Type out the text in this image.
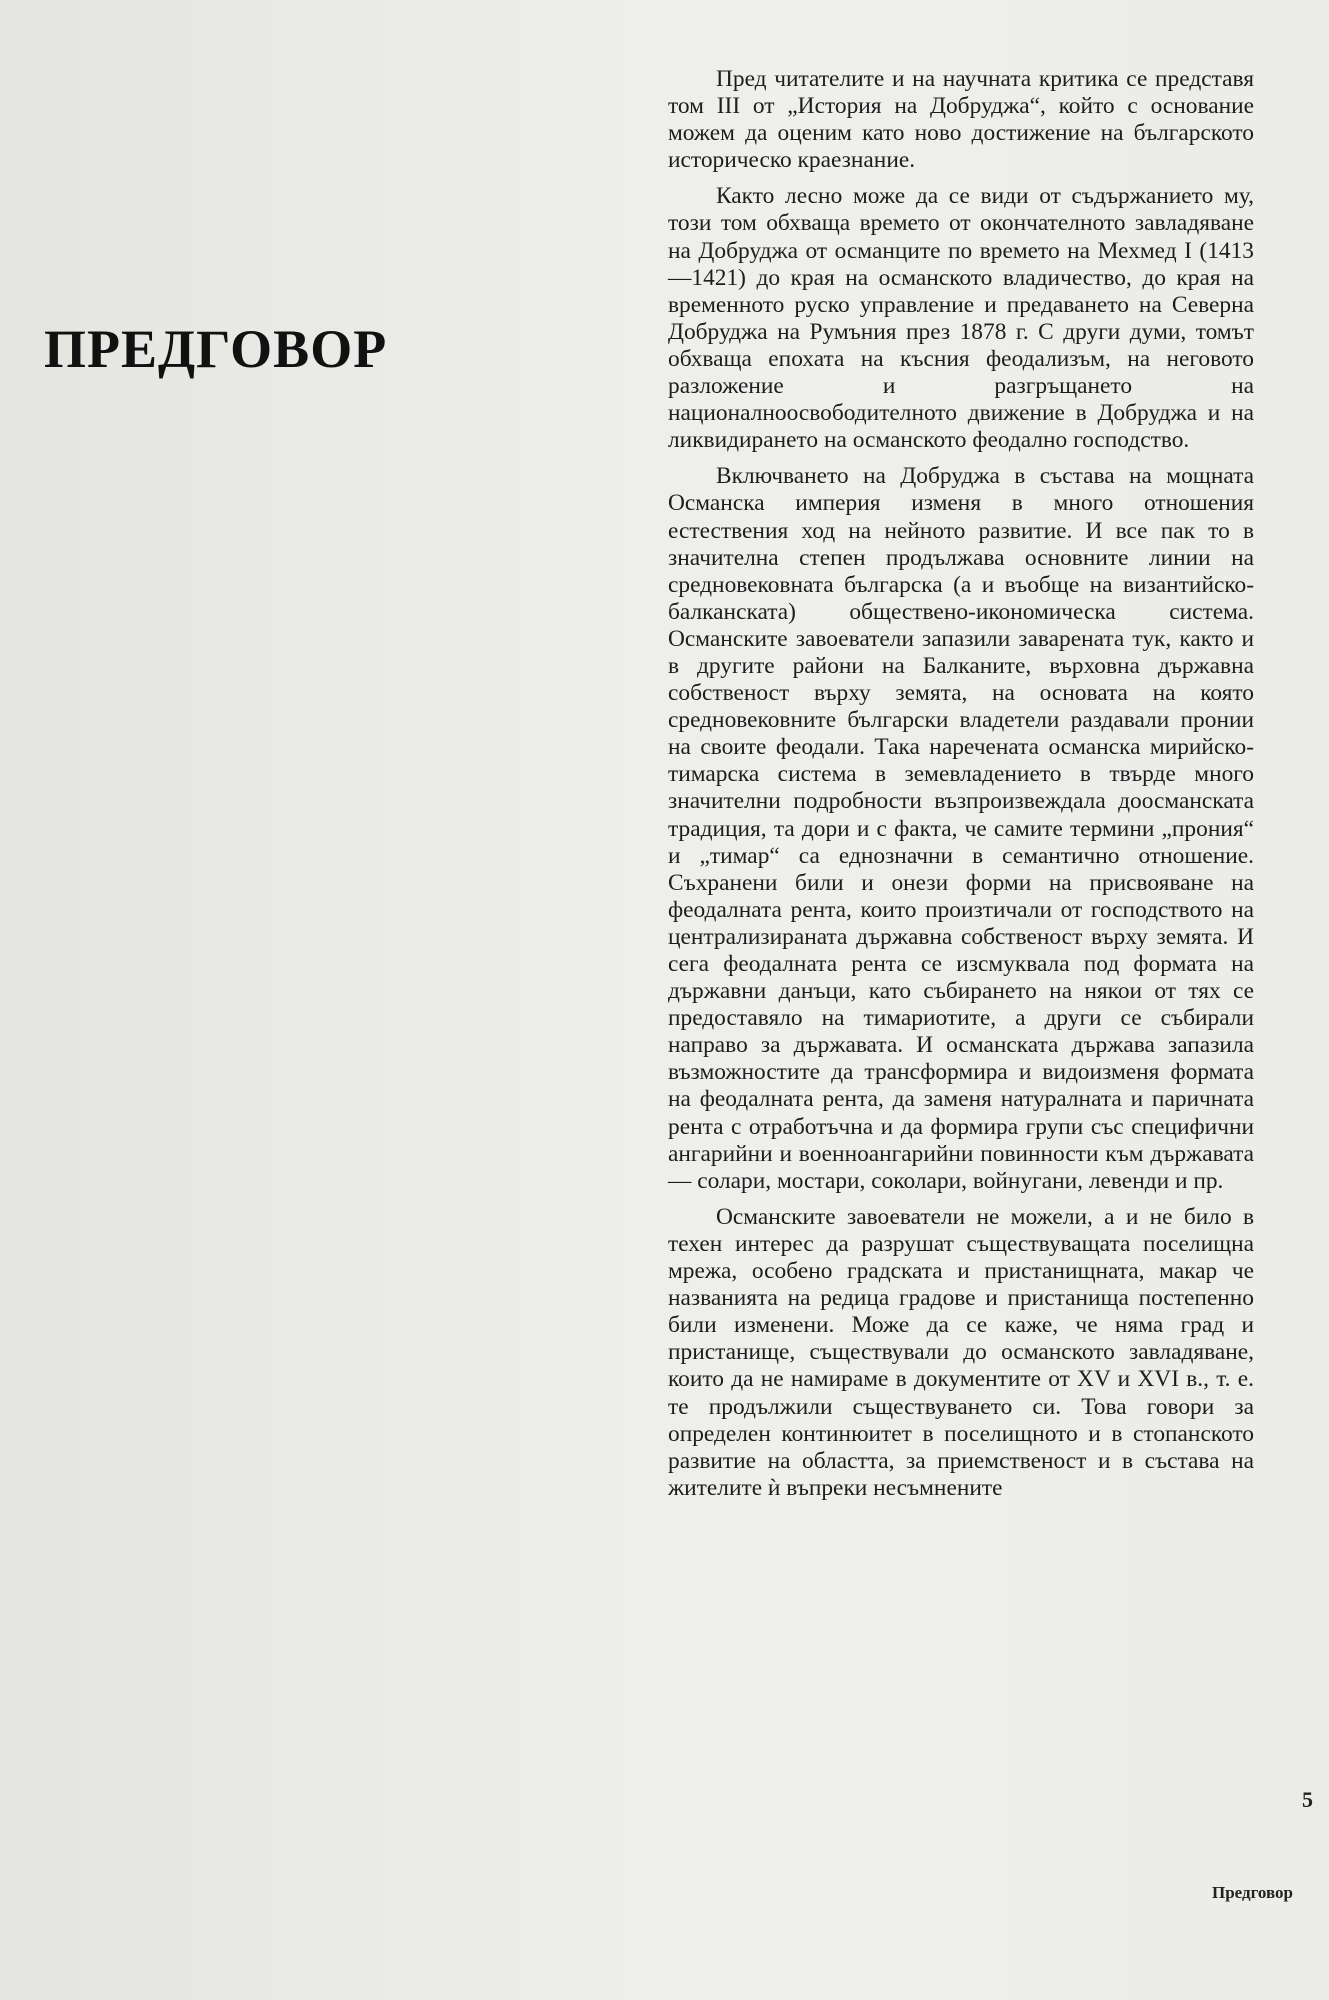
ПРЕДГОВОР

Пред читателите и на научната критика се представя том III от „История на Добруджа“, който с основание можем да оценим като ново достижение на българското историческо краезнание.

Както лесно може да се види от съдържанието му, този том обхваща времето от окончателното завладяване на Добруджа от османците по времето на Мехмед I (1413—1421) до края на османското владичество, до края на временното руско управление и предаването на Северна Добруджа на Румъния през 1878 г. С други думи, томът обхваща епохата на късния феодализъм, на неговото разложение и разгръщането на националноосвободителното движение в Добруджа и на ликвидирането на османското феодално господство.

Включването на Добруджа в състава на мощната Османска империя изменя в много отношения естествения ход на нейното развитие. И все пак то в значителна степен продължава основните линии на средновековната българска (а и въобще на византийско-балканската) обществено-икономическа система. Османските завоеватели запазили заварената тук, както и в другите райони на Балканите, върховна държавна собственост върху земята, на основата на която средновековните български владетели раздавали пронии на своите феодали. Така наречената османска мирийско-тимарска система в земевладението в твърде много значителни подробности възпроизвеждала доосманската традиция, та дори и с факта, че самите термини „прония“ и „тимар“ са еднозначни в семантично отношение. Съхранени били и онези форми на присвояване на феодалната рента, които произтичали от господството на централизираната държавна собственост върху земята. И сега феодалната рента се изсмуквала под формата на държавни данъци, като събирането на някои от тях се предоставяло на тимариотите, а други се събирали направо за държавата. И османската държава запазила възможностите да трансформира и видоизменя формата на феодалната рента, да заменя натуралната и паричната рента с отработъчна и да формира групи със специфични ангарийни и военноангарийни повинности към държавата — солари, мостари, соколари, войнугани, левенди и пр.

Османските завоеватели не можели, а и не било в техен интерес да разрушат съществуващата поселищна мрежа, особено градската и пристанищната, макар че названията на редица градове и пристанища постепенно били изменени. Може да се каже, че няма град и пристанище, съществували до османското завладяване, които да не намираме в документите от XV и XVI в., т. е. те продължили съществуването си. Това говори за определен континюитет в поселищното и в стопанското развитие на областта, за приемственост и в състава на жителите ѝ въпреки несъмнените

5
Предговор
